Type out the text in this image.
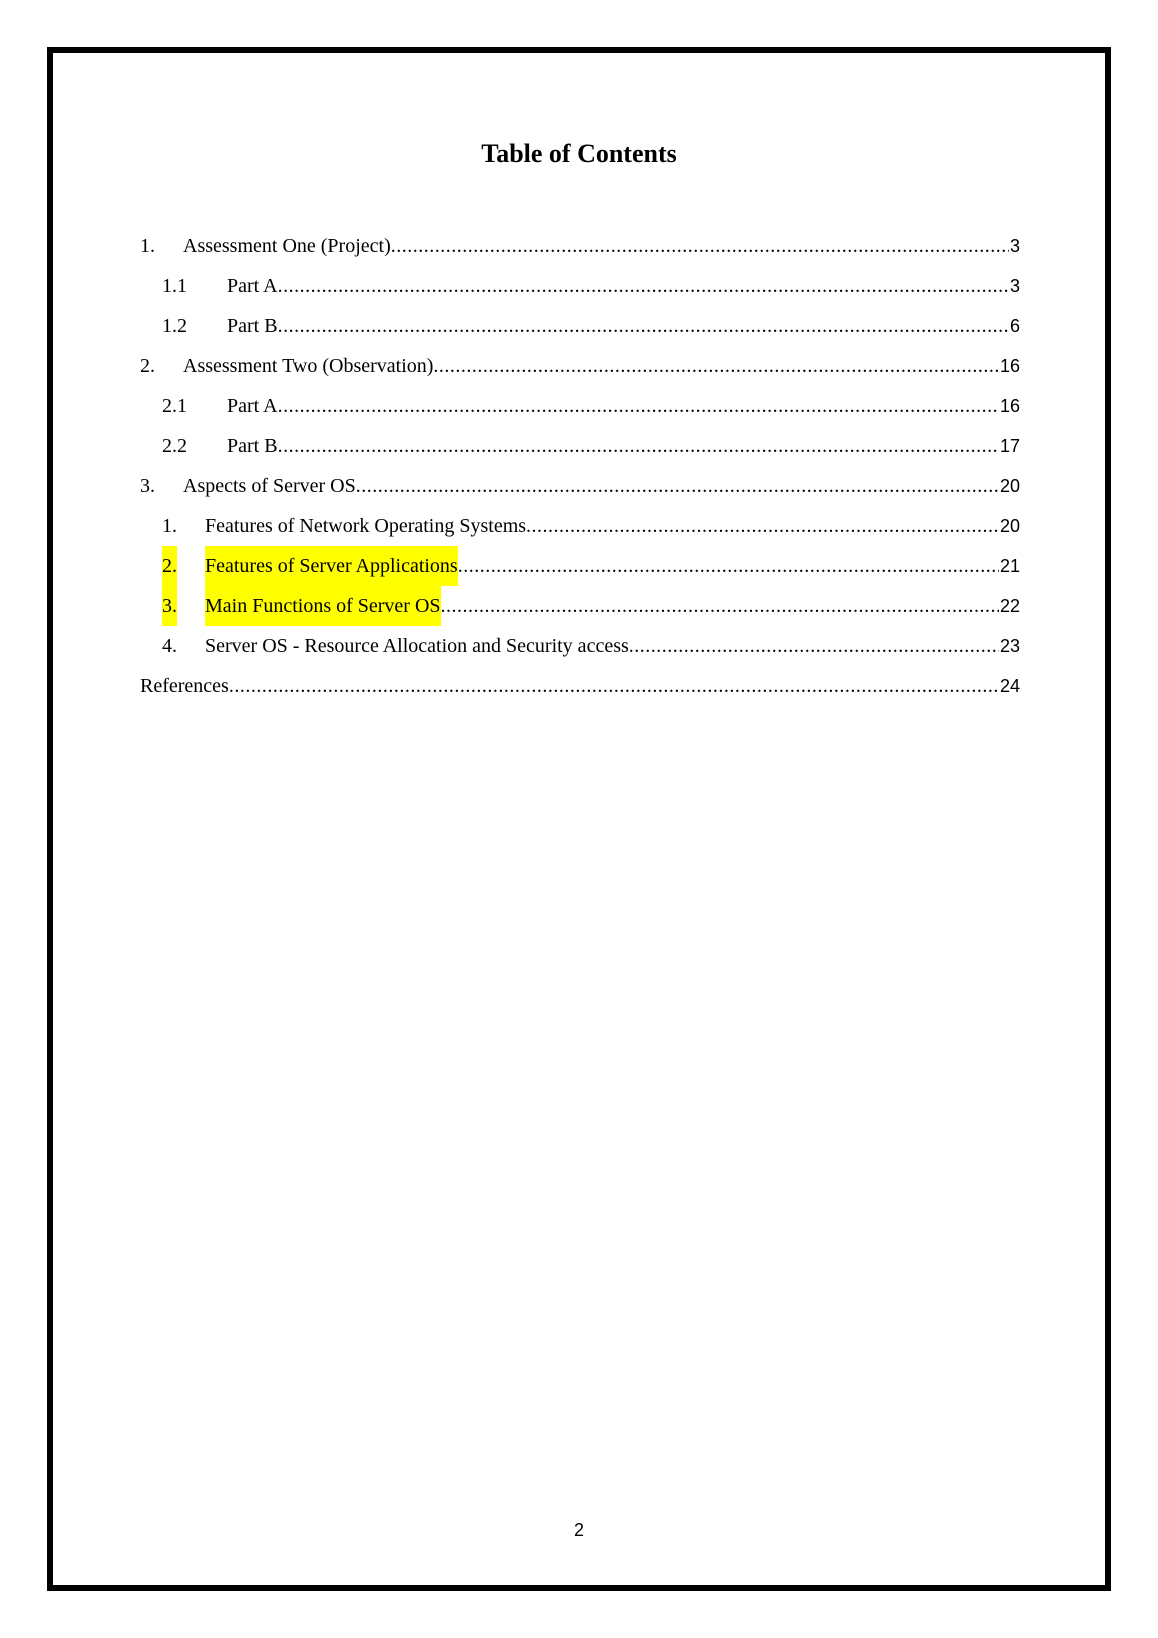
Table of Contents
1.	Assessment One (Project) .....	3
1.1	Part A .....	3
1.2	Part B .....	6
2.	Assessment Two (Observation) .....	16
2.1	Part A .....	16
2.2	Part B .....	17
3.	Aspects of Server OS .....	20
1.	Features of Network Operating Systems .....	20
2.	Features of Server Applications .....	21
3.	Main Functions of Server OS .....	22
4.	Server OS - Resource Allocation and Security access .....	23
References .....	24
2
